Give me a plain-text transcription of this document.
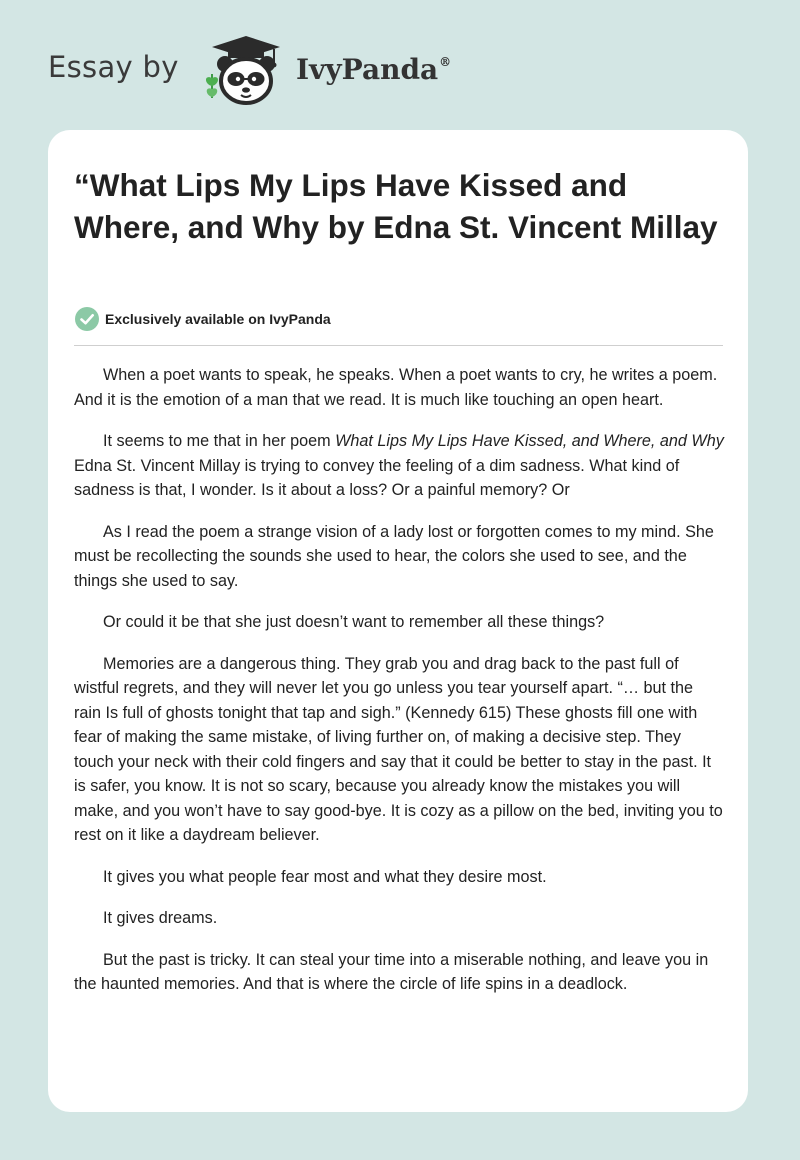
Essay by	IvyPanda®
“What Lips My Lips Have Kissed and Where, and Why by Edna St. Vincent Millay
Exclusively available on IvyPanda

When a poet wants to speak, he speaks. When a poet wants to cry, he writes a poem. And it is the emotion of a man that we read. It is much like touching an open heart.

It seems to me that in her poem What Lips My Lips Have Kissed, and Where, and Why Edna St. Vincent Millay is trying to convey the feeling of a dim sadness. What kind of sadness is that, I wonder. Is it about a loss? Or a painful memory? Or

As I read the poem a strange vision of a lady lost or forgotten comes to my mind. She must be recollecting the sounds she used to hear, the colors she used to see, and the things she used to say.

Or could it be that she just doesn’t want to remember all these things?

Memories are a dangerous thing. They grab you and drag back to the past full of wistful regrets, and they will never let you go unless you tear yourself apart. “… but the rain Is full of ghosts tonight that tap and sigh.” (Kennedy 615) These ghosts fill one with fear of making the same mistake, of living further on, of making a decisive step. They touch your neck with their cold fingers and say that it could be better to stay in the past. It is safer, you know. It is not so scary, because you already know the mistakes you will make, and you won’t have to say good-bye. It is cozy as a pillow on the bed, inviting you to rest on it like a daydream believer.

It gives you what people fear most and what they desire most.

It gives dreams.

But the past is tricky. It can steal your time into a miserable nothing, and leave you in the haunted memories. And that is where the circle of life spins in a deadlock.
